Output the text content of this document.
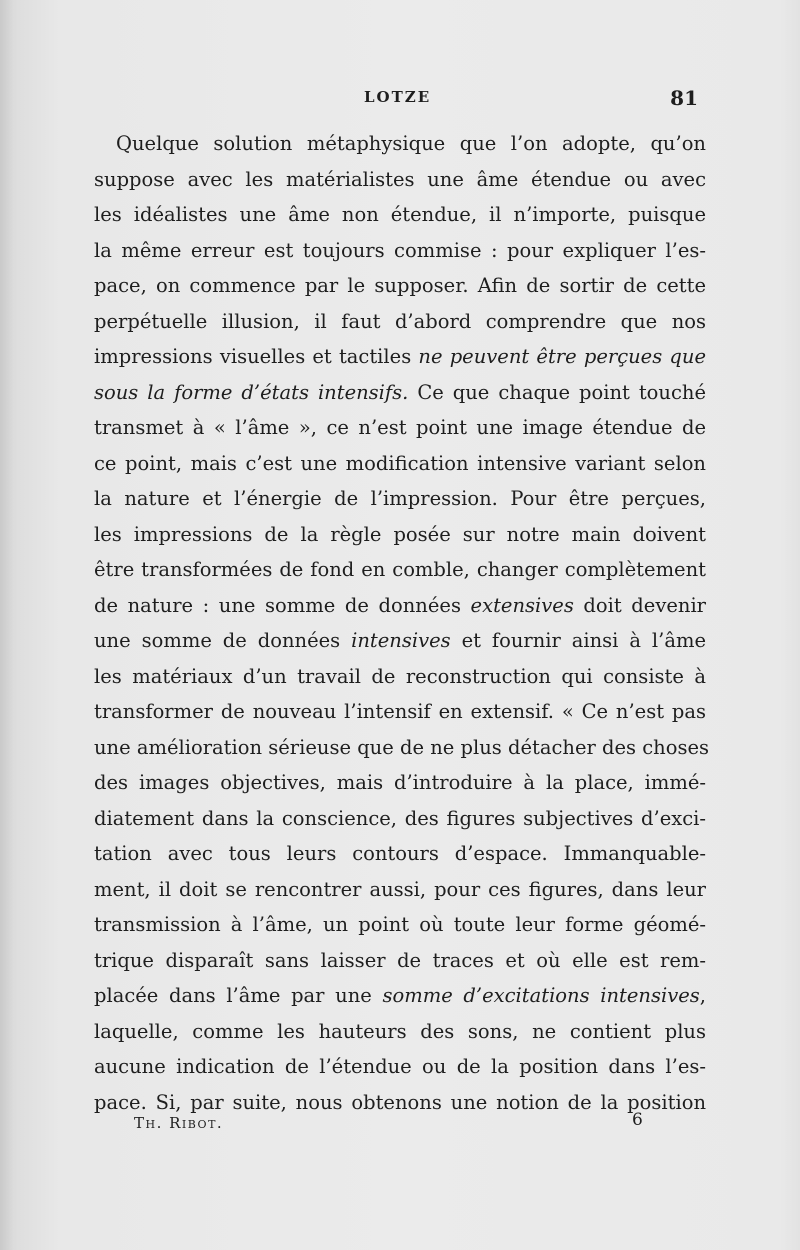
LOTZE	81
Quelque solution métaphysique que l’on adopte, qu’on
suppose avec les matérialistes une âme étendue ou avec
les idéalistes une âme non étendue, il n’importe, puisque
la même erreur est toujours commise : pour expliquer l’es-
pace, on commence par le supposer. Afin de sortir de cette
perpétuelle illusion, il faut d’abord comprendre que nos
impressions visuelles et tactiles ne peuvent être perçues que
sous la forme d’états intensifs. Ce que chaque point touché
transmet à « l’âme », ce n’est point une image étendue de
ce point, mais c’est une modification intensive variant selon
la nature et l’énergie de l’impression. Pour être perçues,
les impressions de la règle posée sur notre main doivent
être transformées de fond en comble, changer complètement
de nature : une somme de données extensives doit devenir
une somme de données intensives et fournir ainsi à l’âme
les matériaux d’un travail de reconstruction qui consiste à
transformer de nouveau l’intensif en extensif. « Ce n’est pas
une amélioration sérieuse que de ne plus détacher des choses
des images objectives, mais d’introduire à la place, immé-
diatement dans la conscience, des figures subjectives d’exci-
tation avec tous leurs contours d’espace. Immanquable-
ment, il doit se rencontrer aussi, pour ces figures, dans leur
transmission à l’âme, un point où toute leur forme géomé-
trique disparaît sans laisser de traces et où elle est rem-
placée dans l’âme par une somme d’excitations intensives,
laquelle, comme les hauteurs des sons, ne contient plus
aucune indication de l’étendue ou de la position dans l’es-
pace. Si, par suite, nous obtenons une notion de la position
Th. Ribot.	6
